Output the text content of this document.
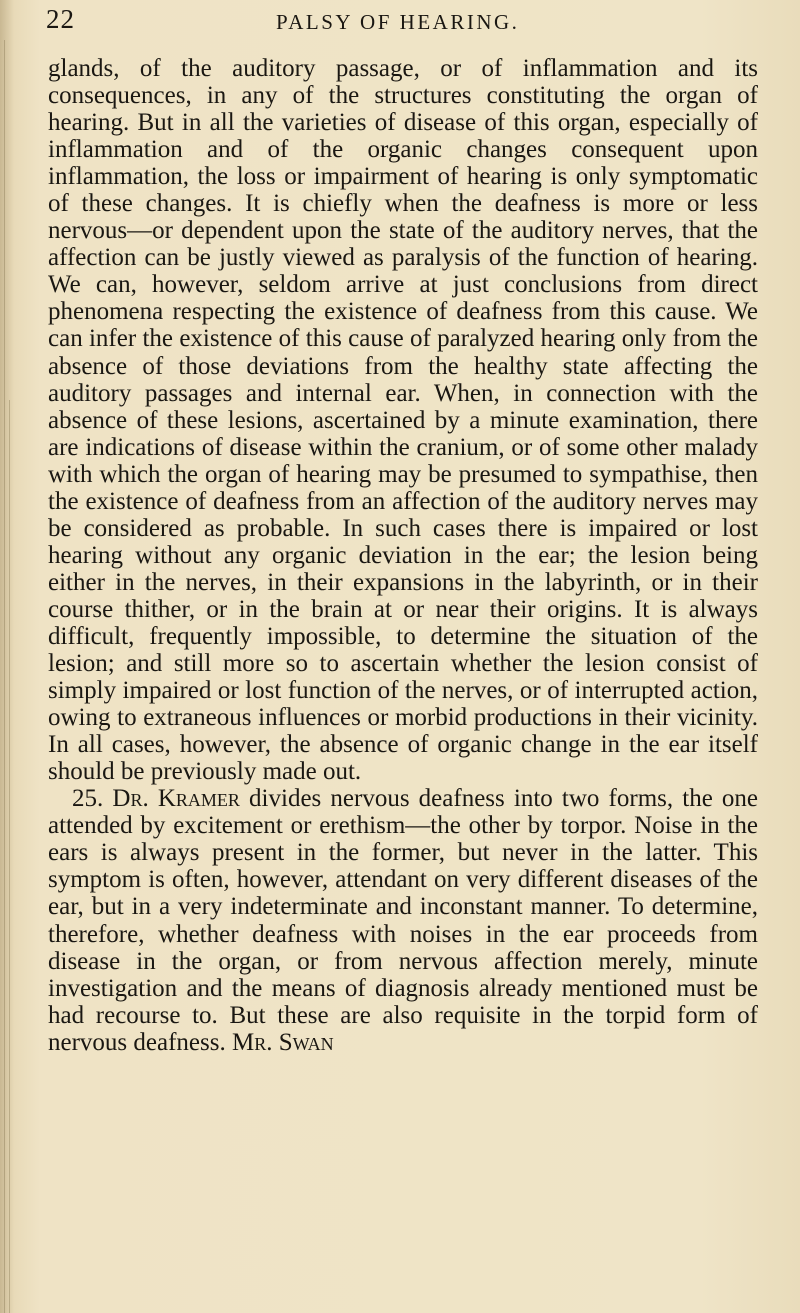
22	PALSY OF HEARING.

glands, of the auditory passage, or of inflammation and its consequences, in any of the structures constituting the organ of hearing. But in all the varieties of disease of this organ, especially of inflammation and of the organic changes consequent upon inflammation, the loss or impairment of hearing is only symptomatic of these changes. It is chiefly when the deafness is more or less nervous—or dependent upon the state of the auditory nerves, that the affection can be justly viewed as paralysis of the function of hearing. We can, however, seldom arrive at just conclusions from direct phenomena respecting the existence of deafness from this cause. We can infer the existence of this cause of paralyzed hearing only from the absence of those deviations from the healthy state affecting the auditory passages and internal ear. When, in connection with the absence of these lesions, ascertained by a minute examination, there are indications of disease within the cranium, or of some other malady with which the organ of hearing may be presumed to sympathise, then the existence of deafness from an affection of the auditory nerves may be considered as probable. In such cases there is impaired or lost hearing without any organic deviation in the ear; the lesion being either in the nerves, in their expansions in the labyrinth, or in their course thither, or in the brain at or near their origins. It is always difficult, frequently impossible, to determine the situation of the lesion; and still more so to ascertain whether the lesion consist of simply impaired or lost function of the nerves, or of interrupted action, owing to extraneous influences or morbid productions in their vicinity. In all cases, however, the absence of organic change in the ear itself should be previously made out.

25. Dr. Kramer divides nervous deafness into two forms, the one attended by excitement or erethism—the other by torpor. Noise in the ears is always present in the former, but never in the latter. This symptom is often, however, attendant on very different diseases of the ear, but in a very indeterminate and inconstant manner. To determine, therefore, whether deafness with noises in the ear proceeds from disease in the organ, or from nervous affection merely, minute investigation and the means of diagnosis already mentioned must be had recourse to. But these are also requisite in the torpid form of nervous deafness. Mr. Swan
